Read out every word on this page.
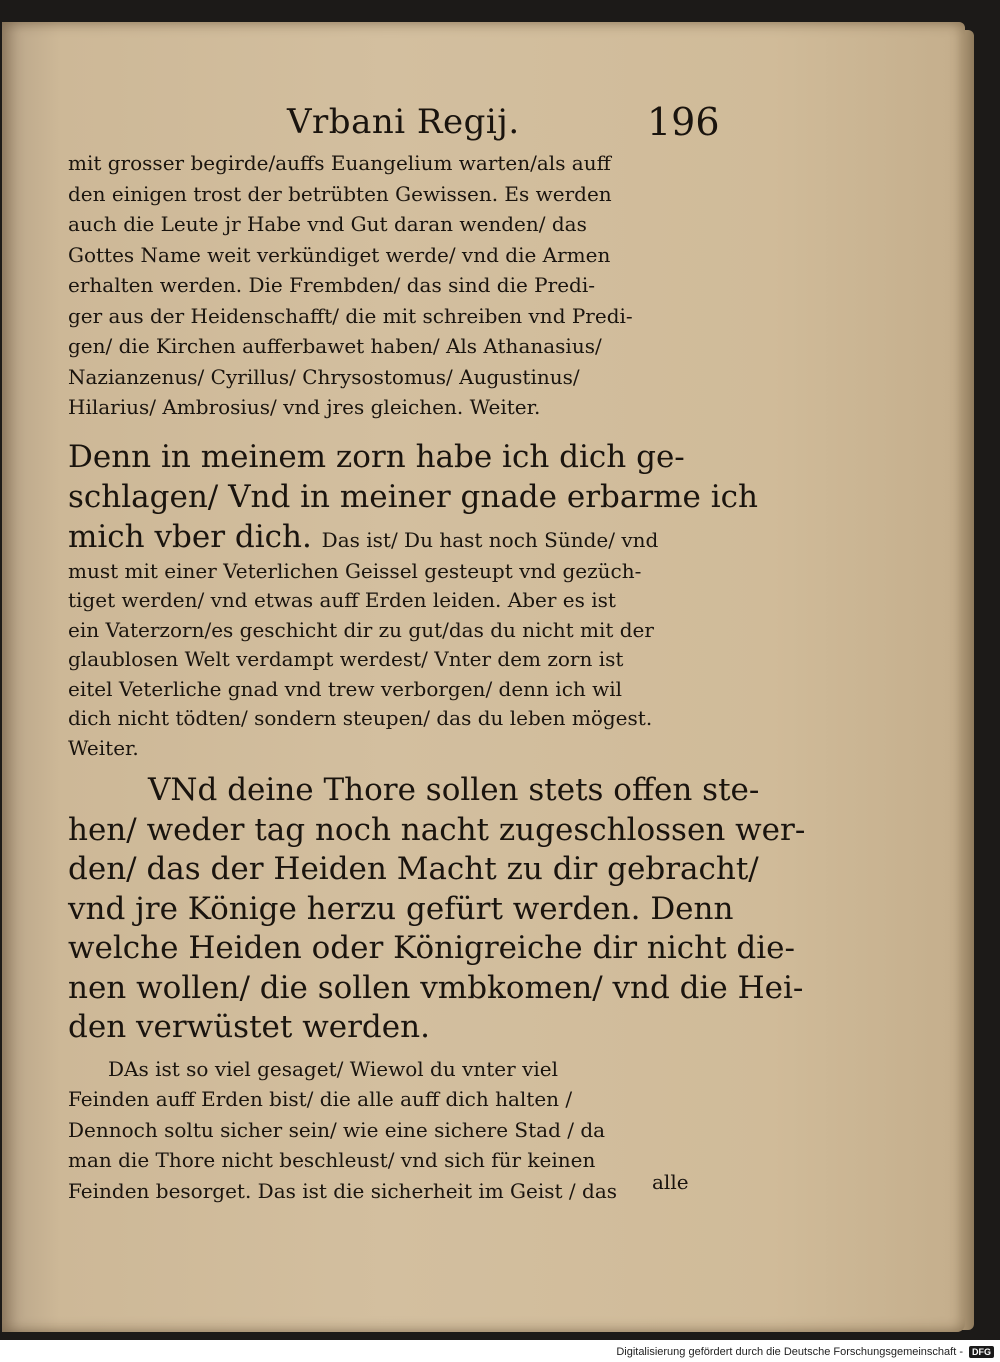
Vrbani Regij.	196
mit grosser begirde/auffs Euangelium warten/als auff
den einigen trost der betrübten Gewissen. Es werden
auch die Leute jr Habe vnd Gut daran wenden/ das
Gottes Name weit verkündiget werde/ vnd die Armen
erhalten werden. Die Frembden/ das sind die Predi-
ger aus der Heidenschafft/ die mit schreiben vnd Predi-
gen/ die Kirchen aufferbawet haben/ Als Athanasius/
Nazianzenus/ Cyrillus/ Chrysostomus/ Augustinus/
Hilarius/ Ambrosius/ vnd jres gleichen. Weiter.
Denn in meinem zorn habe ich dich ge-
schlagen/ Vnd in meiner gnade erbarme ich
mich vber dich. Das ist/ Du hast noch Sünde/ vnd
must mit einer Veterlichen Geissel gesteupt vnd gezüch-
tiget werden/ vnd etwas auff Erden leiden. Aber es ist
ein Vaterzorn/es geschicht dir zu gut/das du nicht mit der
glaublosen Welt verdampt werdest/ Vnter dem zorn ist
eitel Veterliche gnad vnd trew verborgen/ denn ich wil
dich nicht tödten/ sondern steupen/ das du leben mögest.
Weiter.
VNd deine Thore sollen stets offen ste-
hen/ weder tag noch nacht zugeschlossen wer-
den/ das der Heiden Macht zu dir gebracht/
vnd jre Könige herzu gefürt werden. Denn
welche Heiden oder Königreiche dir nicht die-
nen wollen/ die sollen vmbkomen/ vnd die Hei-
den verwüstet werden.
DAs ist so viel gesaget/ Wiewol du vnter viel
Feinden auff Erden bist/ die alle auff dich halten /
Dennoch soltu sicher sein/ wie eine sichere Stad / da
man die Thore nicht beschleust/ vnd sich für keinen
Feinden besorget. Das ist die sicherheit im Geist / das	alle
Digitalisierung gefördert durch die Deutsche Forschungsgemeinschaft -	DFG
